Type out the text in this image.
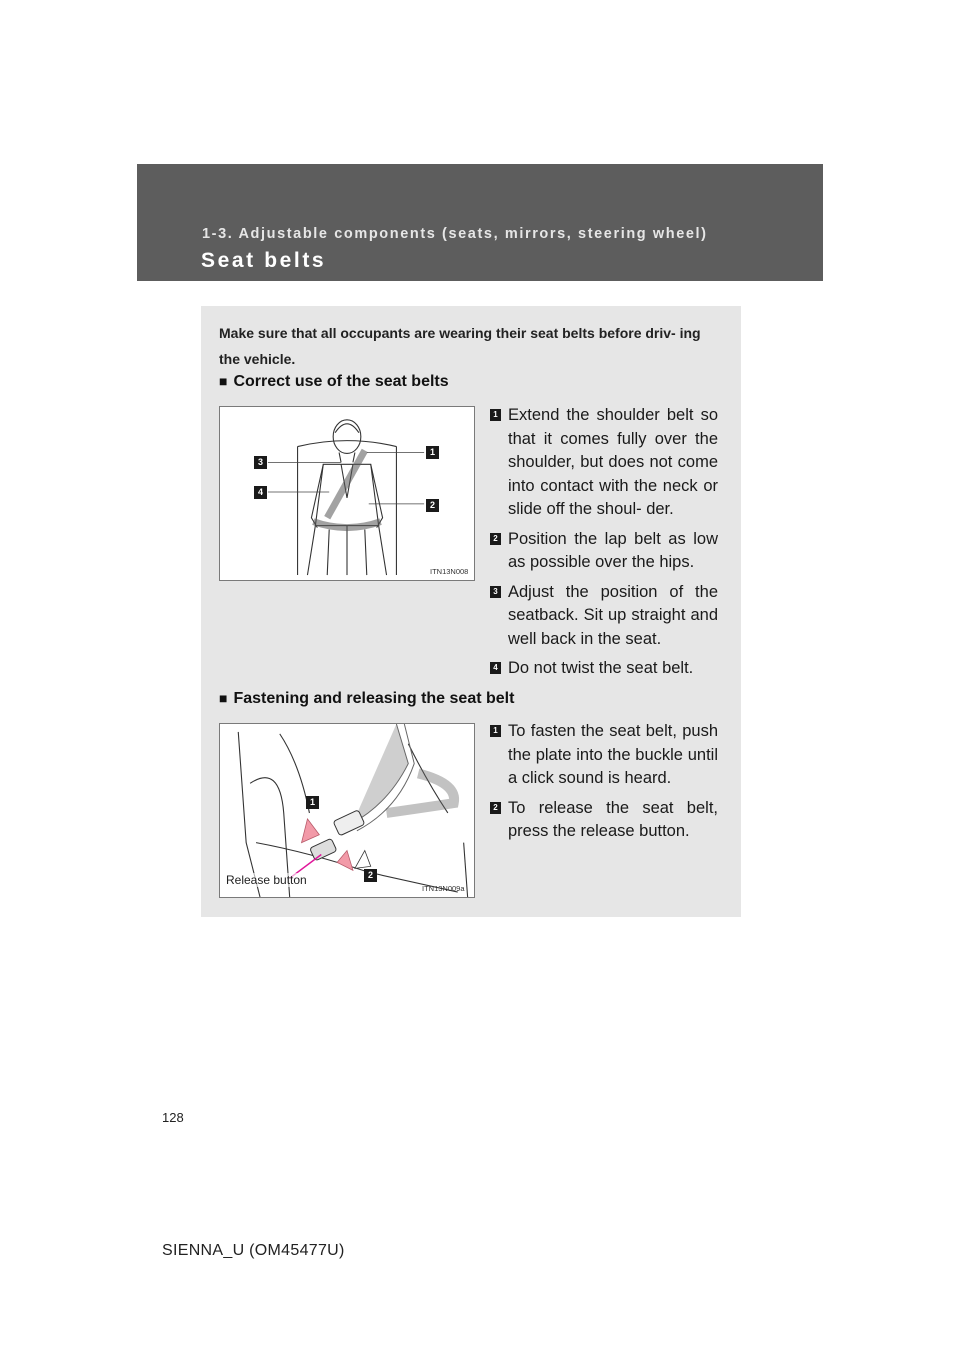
1-3. Adjustable components (seats, mirrors, steering wheel)
Seat belts
Make sure that all occupants are wearing their seat belts before driv- ing the vehicle.
■ Correct use of the seat belts
1
2
3
4
ITN13N008
1 Extend the shoulder belt so that it comes fully over the shoulder, but does not come into contact with the neck or slide off the shoul- der.
2 Position the lap belt as low as possible over the hips.
3 Adjust the position of the seatback. Sit up straight and well back in the seat.
4 Do not twist the seat belt.
■ Fastening and releasing the seat belt
1
2
Release button
ITN13N009a
1 To fasten the seat belt, push the plate into the buckle until a click sound is heard.
2 To release the seat belt, press the release button.
128
SIENNA_U (OM45477U)
